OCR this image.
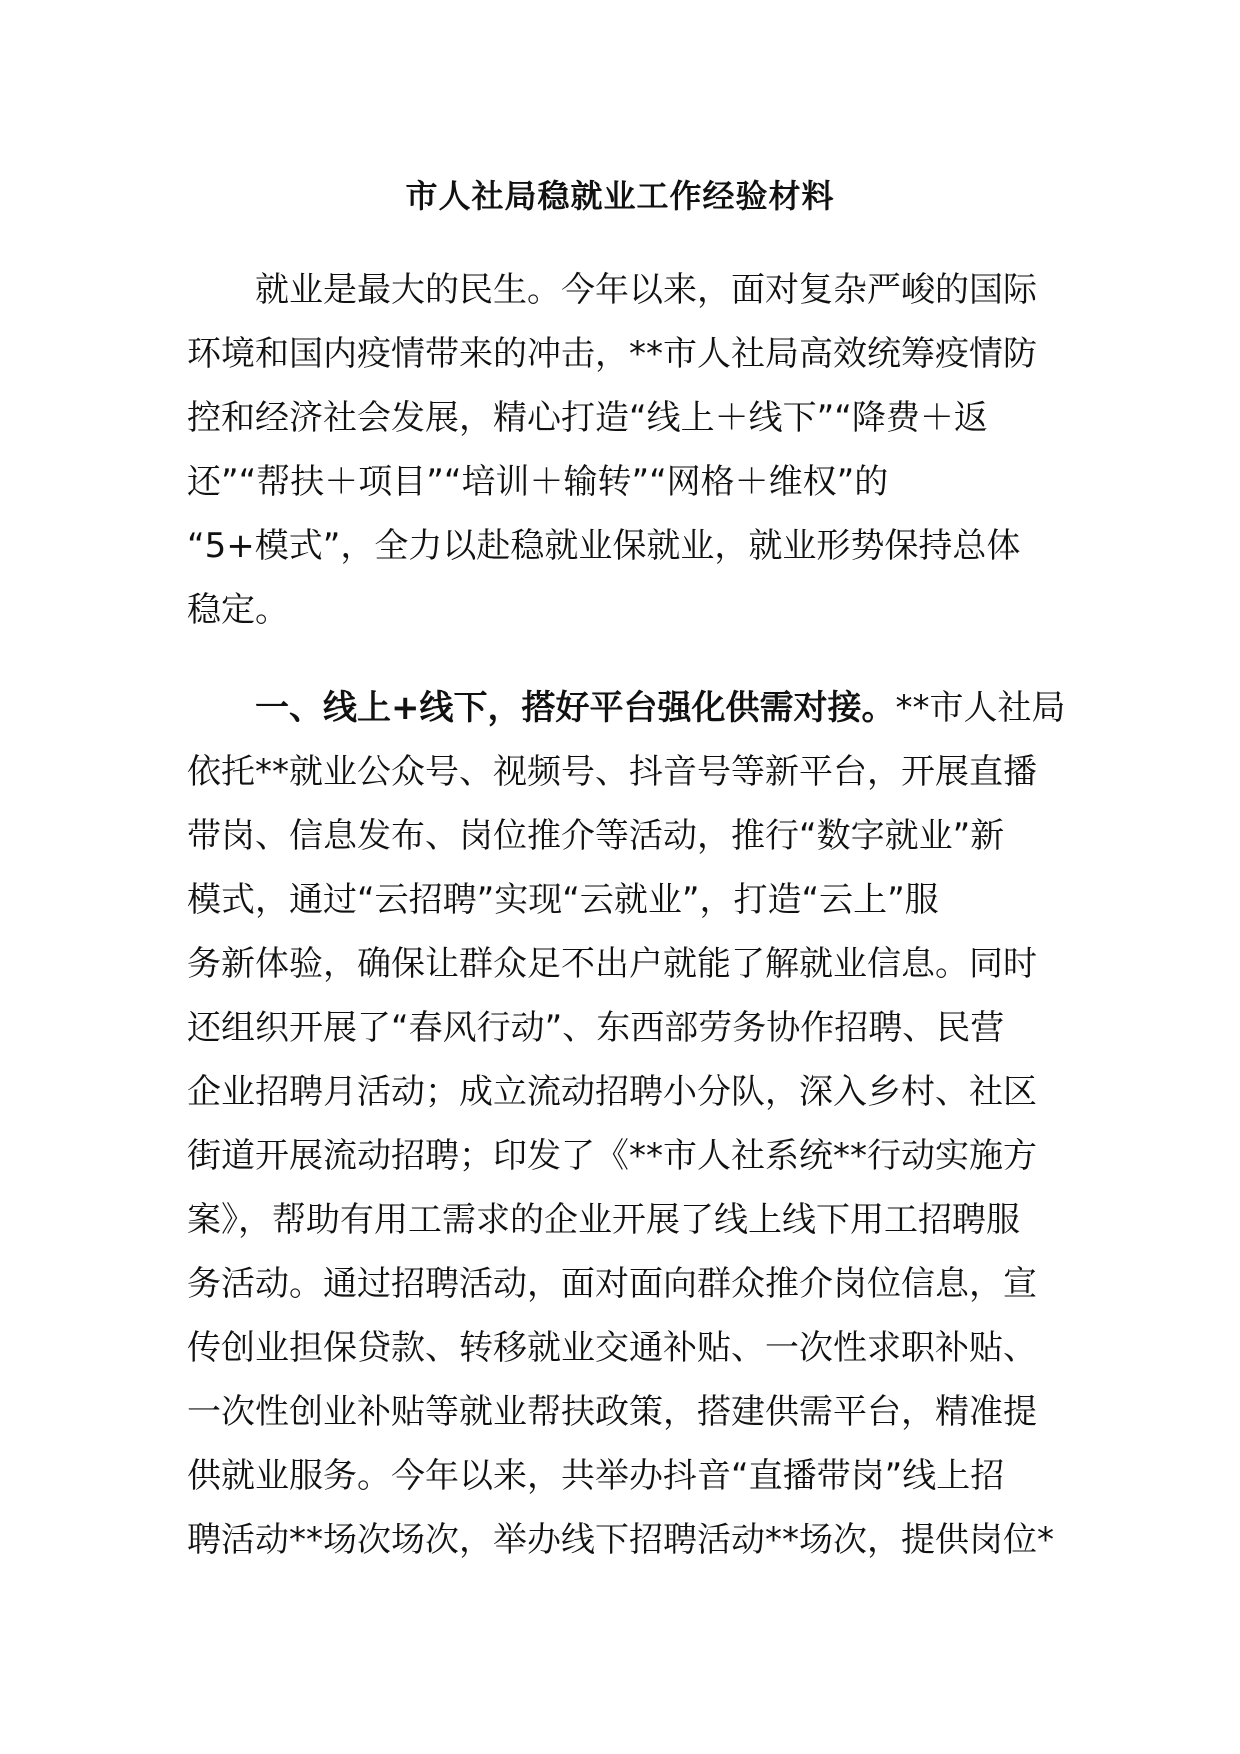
市人社局稳就业工作经验材料
就业是最大的民生。今年以来，面对复杂严峻的国际
环境和国内疫情带来的冲击，**市人社局高效统筹疫情防
控和经济社会发展，精心打造“线上＋线下”“降费＋返
还”“帮扶＋项目”“培训＋输转”“网格＋维权”的
“5+模式”，全力以赴稳就业保就业，就业形势保持总体
稳定。
一、线上+线下，搭好平台强化供需对接。**市人社局
依托**就业公众号、视频号、抖音号等新平台，开展直播
带岗、信息发布、岗位推介等活动，推行“数字就业”新
模式，通过“云招聘”实现“云就业”，打造“云上”服
务新体验，确保让群众足不出户就能了解就业信息。同时
还组织开展了“春风行动”、东西部劳务协作招聘、民营
企业招聘月活动；成立流动招聘小分队，深入乡村、社区
街道开展流动招聘；印发了《**市人社系统**行动实施方
案》，帮助有用工需求的企业开展了线上线下用工招聘服
务活动。通过招聘活动，面对面向群众推介岗位信息，宣
传创业担保贷款、转移就业交通补贴、一次性求职补贴、
一次性创业补贴等就业帮扶政策，搭建供需平台，精准提
供就业服务。今年以来，共举办抖音“直播带岗”线上招
聘活动**场次场次，举办线下招聘活动**场次，提供岗位*
